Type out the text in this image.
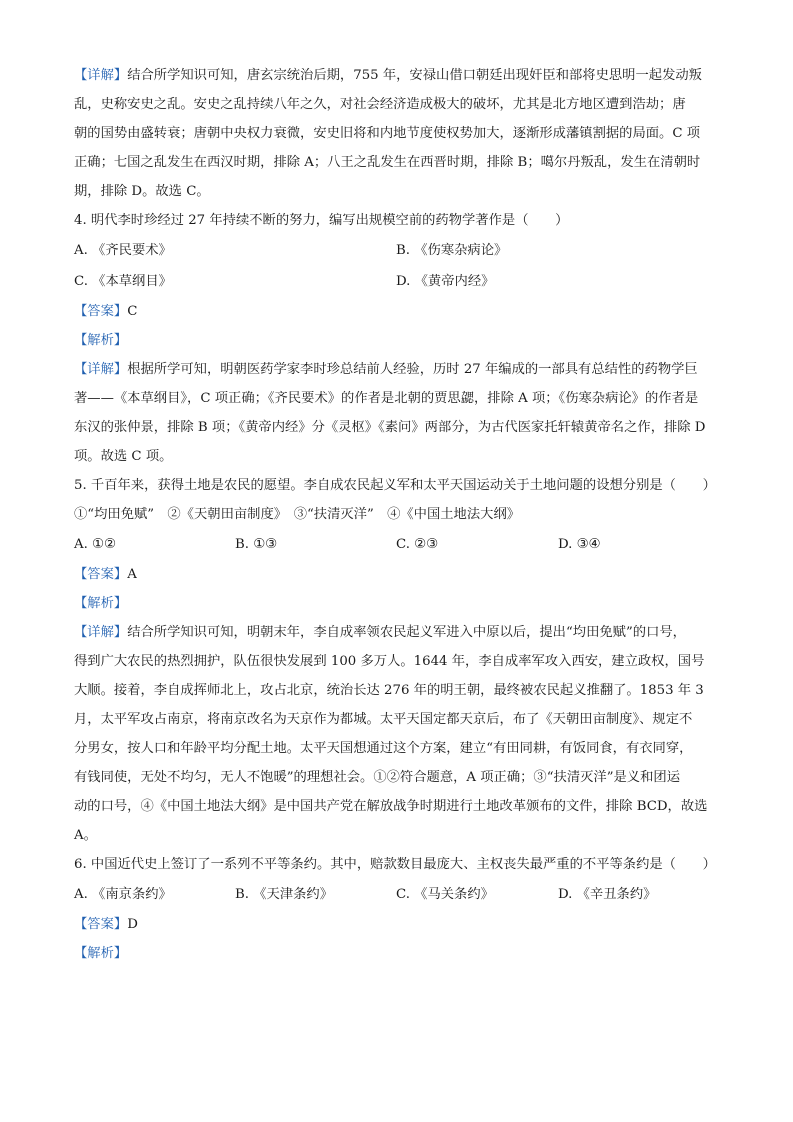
【详解】结合所学知识可知，唐玄宗统治后期，755 年，安禄山借口朝廷出现奸臣和部将史思明一起发动叛
乱，史称安史之乱。安史之乱持续八年之久，对社会经济造成极大的破坏，尤其是北方地区遭到浩劫；唐
朝的国势由盛转衰；唐朝中央权力衰微，安史旧将和内地节度使权势加大，逐渐形成藩镇割据的局面。C 项
正确；七国之乱发生在西汉时期，排除 A；八王之乱发生在西晋时期，排除 B；噶尔丹叛乱，发生在清朝时
期，排除 D。故选 C。
4. 明代李时珍经过 27 年持续不断的努力，编写出规模空前的药物学著作是（　　）
A. 《齐民要术》	B. 《伤寒杂病论》
C. 《本草纲目》	D. 《黄帝内经》
【答案】C
【解析】
【详解】根据所学可知，明朝医药学家李时珍总结前人经验，历时 27 年编成的一部具有总结性的药物学巨
著——《本草纲目》，C 项正确；《齐民要术》的作者是北朝的贾思勰，排除 A 项；《伤寒杂病论》的作者是
东汉的张仲景，排除 B 项；《黄帝内经》分《灵枢》《素问》两部分，为古代医家托轩辕黄帝名之作，排除 D
项。故选 C 项。
5. 千百年来，获得土地是农民的愿望。李自成农民起义军和太平天国运动关于土地问题的设想分别是（　　）
①“均田免赋”　②《天朝田亩制度》　③“扶清灭洋”　④《中国土地法大纲》
A. ①②	B. ①③	C. ②③	D. ③④
【答案】A
【解析】
【详解】结合所学知识可知，明朝末年，李自成率领农民起义军进入中原以后，提出“均田免赋”的口号，
得到广大农民的热烈拥护，队伍很快发展到 100 多万人。1644 年，李自成率军攻入西安，建立政权，国号
大顺。接着，李自成挥师北上，攻占北京，统治长达 276 年的明王朝，最终被农民起义推翻了。1853 年 3
月，太平军攻占南京，将南京改名为天京作为都城。太平天国定都天京后，布了《天朝田亩制度》、规定不
分男女，按人口和年龄平均分配土地。太平天国想通过这个方案，建立“有田同耕，有饭同食，有衣同穿，
有钱同使，无处不均匀，无人不饱暖”的理想社会。①②符合题意，A 项正确；③“扶清灭洋”是义和团运
动的口号，④《中国土地法大纲》是中国共产党在解放战争时期进行土地改革颁布的文件，排除 BCD，故选
A。
6. 中国近代史上签订了一系列不平等条约。其中，赔款数目最庞大、主权丧失最严重的不平等条约是（　　）
A. 《南京条约》	B. 《天津条约》	C. 《马关条约》	D. 《辛丑条约》
【答案】D
【解析】
